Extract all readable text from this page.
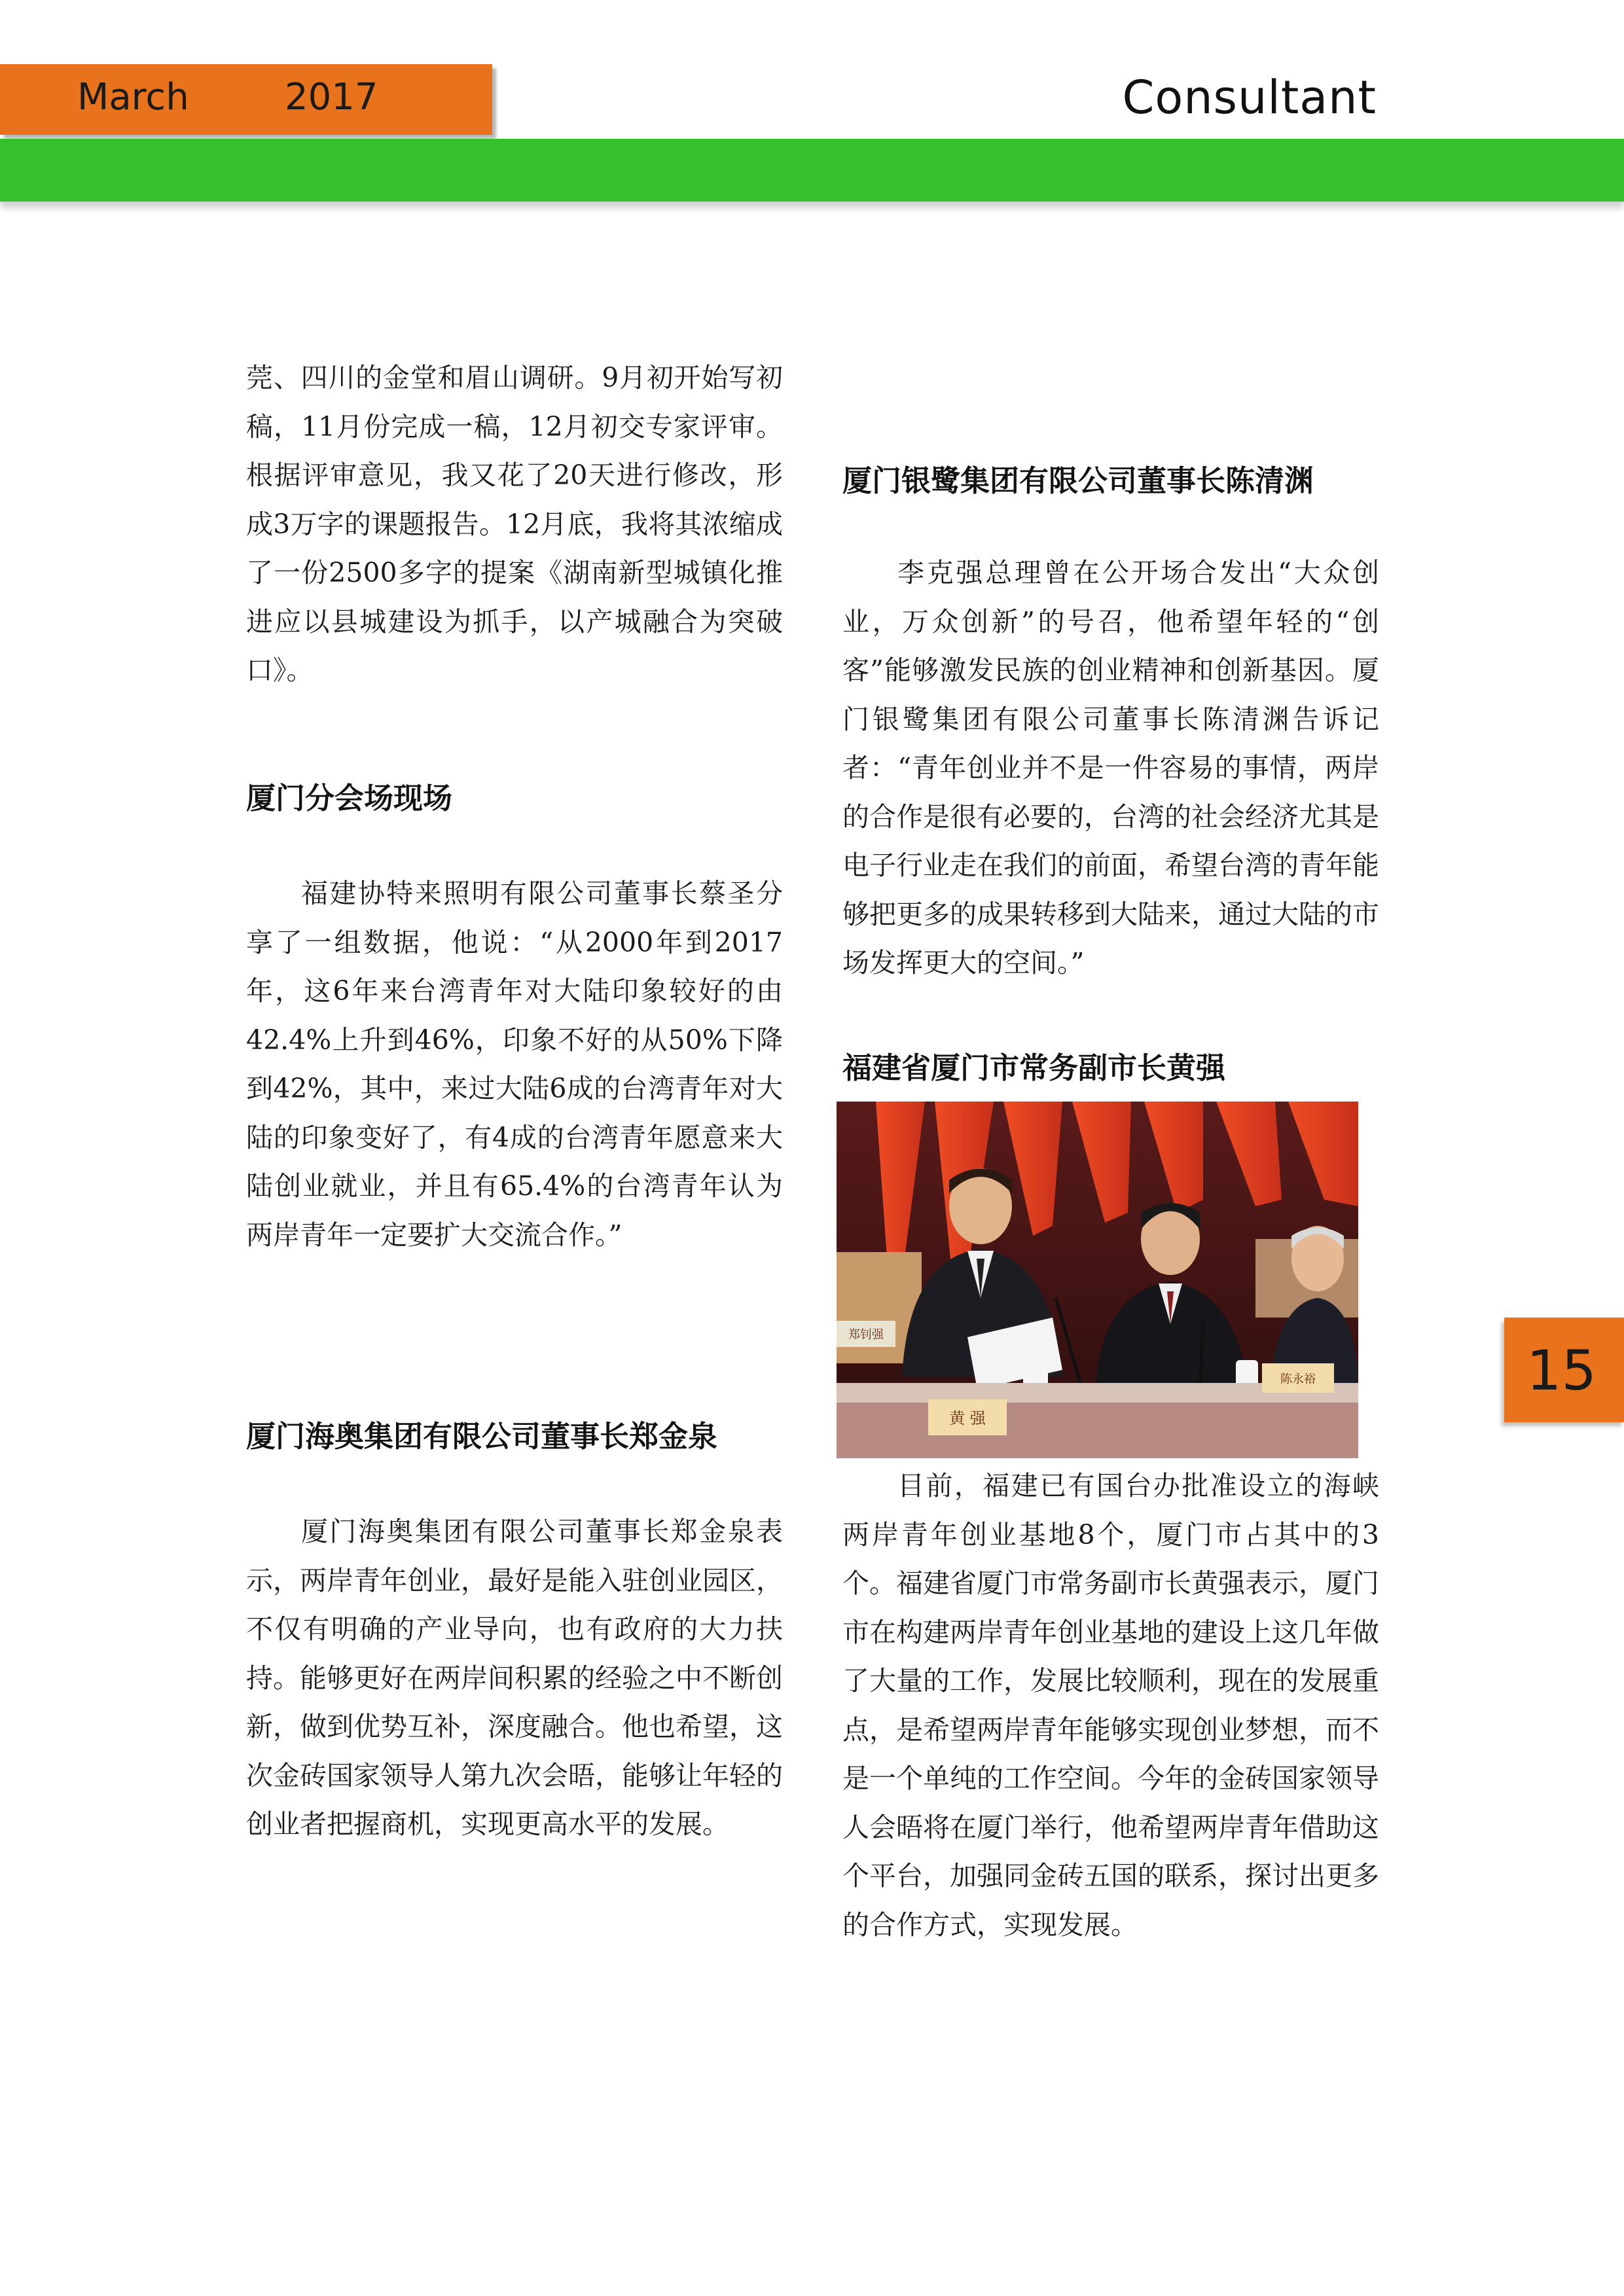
March	2017	Consultant

莞、四川的金堂和眉山调研。9月初开始写初稿，11月份完成一稿，12月初交专家评审。根据评审意见，我又花了20天进行修改，形成3万字的课题报告。12月底，我将其浓缩成了一份2500多字的提案《湖南新型城镇化推进应以县城建设为抓手，以产城融合为突破口》。

厦门分会场现场

福建协特来照明有限公司董事长蔡圣分享了一组数据，他说：“从2000年到2017年，这6年来台湾青年对大陆印象较好的由42.4%上升到46%，印象不好的从50%下降到42%，其中，来过大陆6成的台湾青年对大陆的印象变好了，有4成的台湾青年愿意来大陆创业就业，并且有65.4%的台湾青年认为两岸青年一定要扩大交流合作。”

厦门海奥集团有限公司董事长郑金泉

厦门海奥集团有限公司董事长郑金泉表示，两岸青年创业，最好是能入驻创业园区，不仅有明确的产业导向，也有政府的大力扶持。能够更好在两岸间积累的经验之中不断创新，做到优势互补，深度融合。他也希望，这次金砖国家领导人第九次会晤，能够让年轻的创业者把握商机，实现更高水平的发展。

厦门银鹭集团有限公司董事长陈清渊

李克强总理曾在公开场合发出“大众创业，万众创新”的号召，他希望年轻的“创客”能够激发民族的创业精神和创新基因。厦门银鹭集团有限公司董事长陈清渊告诉记者：“青年创业并不是一件容易的事情，两岸的合作是很有必要的，台湾的社会经济尤其是电子行业走在我们的前面，希望台湾的青年能够把更多的成果转移到大陆来，通过大陆的市场发挥更大的空间。”

福建省厦门市常务副市长黄强
黄 强
郑钊强
陈永裕

目前，福建已有国台办批准设立的海峡两岸青年创业基地8个，厦门市占其中的3个。福建省厦门市常务副市长黄强表示，厦门市在构建两岸青年创业基地的建设上这几年做了大量的工作，发展比较顺利，现在的发展重点，是希望两岸青年能够实现创业梦想，而不是一个单纯的工作空间。今年的金砖国家领导人会晤将在厦门举行，他希望两岸青年借助这个平台，加强同金砖五国的联系，探讨出更多的合作方式，实现发展。

15
